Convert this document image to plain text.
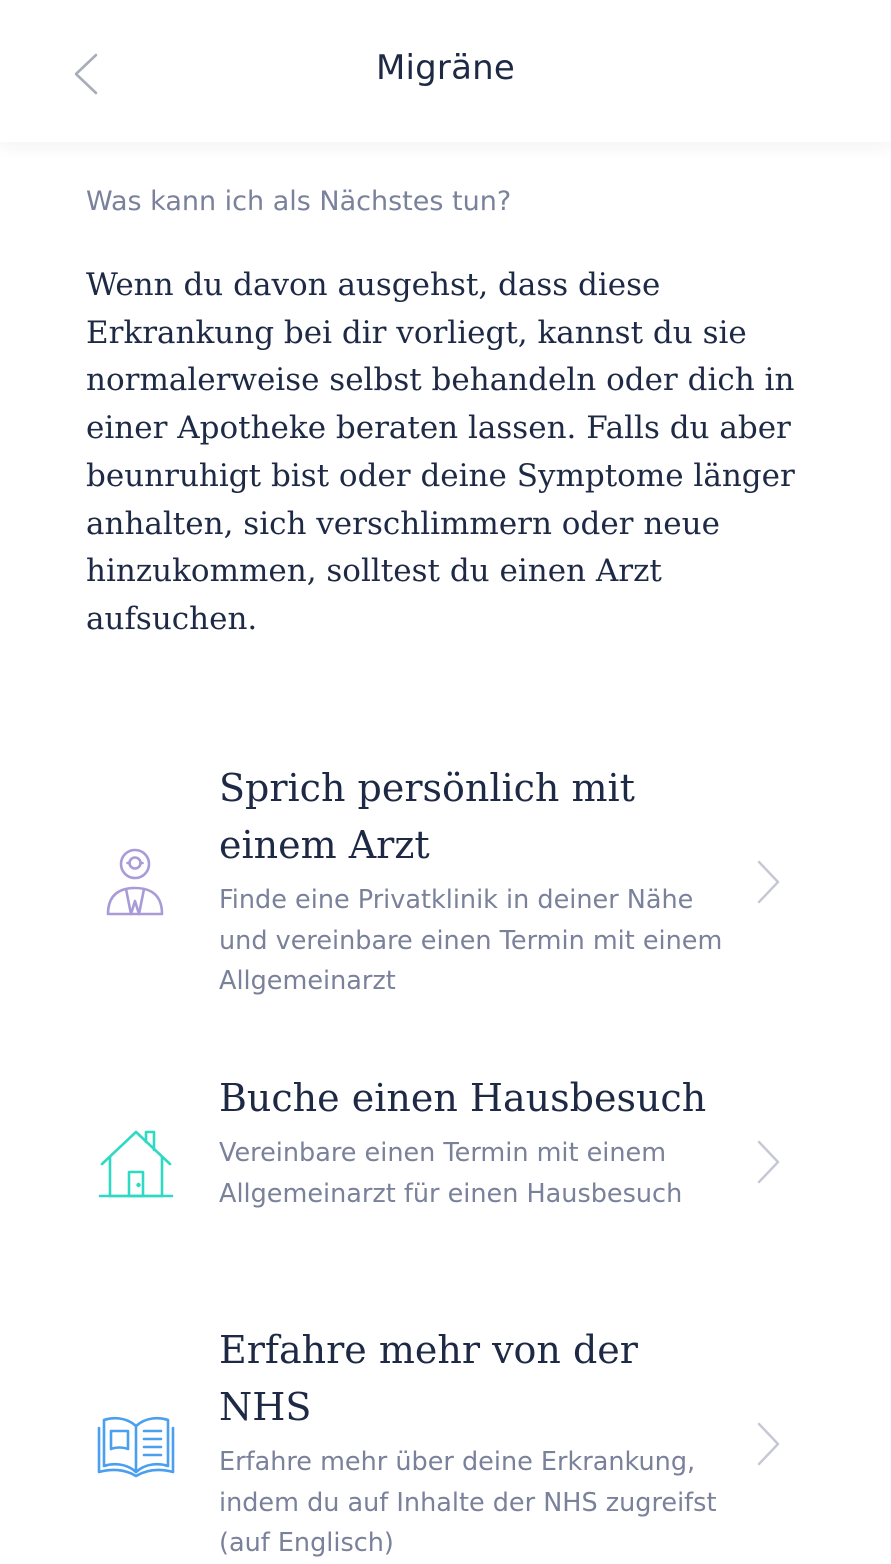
Migräne
Was kann ich als Nächstes tun?

Wenn du davon ausgehst, dass diese Erkrankung bei dir vorliegt, kannst du sie normalerweise selbst behandeln oder dich in einer Apotheke beraten lassen. Falls du aber beunruhigt bist oder deine Symptome länger anhalten, sich verschlimmern oder neue hinzukommen, solltest du einen Arzt aufsuchen.

Sprich persönlich mit einem Arzt
Finde eine Privatklinik in deiner Nähe und vereinbare einen Termin mit einem Allgemeinarzt
Buche einen Hausbesuch
Vereinbare einen Termin mit einem Allgemeinarzt für einen Hausbesuch
Erfahre mehr von der NHS
Erfahre mehr über deine Erkrankung, indem du auf Inhalte der NHS zugreifst (auf Englisch)
